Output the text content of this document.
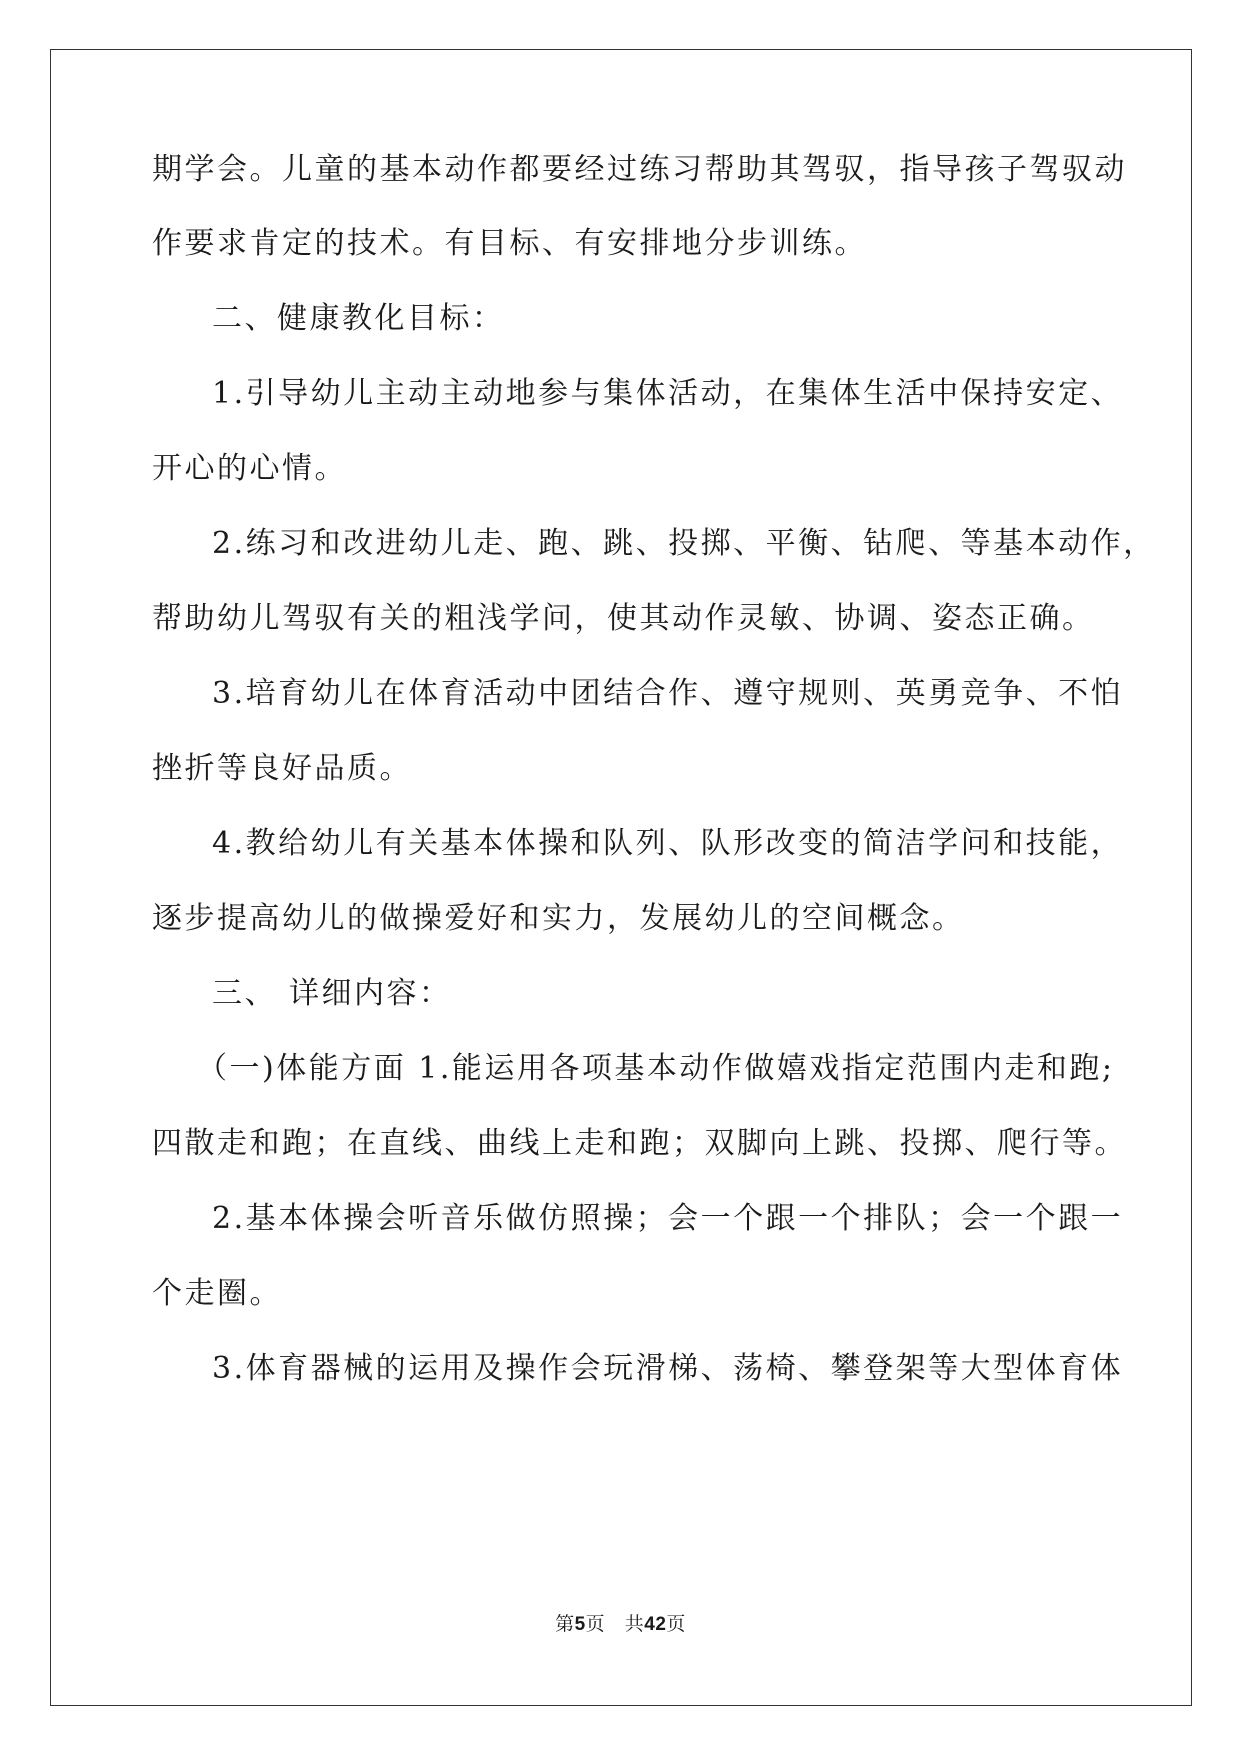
期学会。儿童的基本动作都要经过练习帮助其驾驭，指导孩子驾驭动
作要求肯定的技术。有目标、有安排地分步训练。
二、健康教化目标：
1.引导幼儿主动主动地参与集体活动，在集体生活中保持安定、
开心的心情。
2.练习和改进幼儿走、跑、跳、投掷、平衡、钻爬、等基本动作，
帮助幼儿驾驭有关的粗浅学问，使其动作灵敏、协调、姿态正确。
3.培育幼儿在体育活动中团结合作、遵守规则、英勇竞争、不怕
挫折等良好品质。
4.教给幼儿有关基本体操和队列、队形改变的简洁学问和技能，
逐步提高幼儿的做操爱好和实力，发展幼儿的空间概念。
三、 详细内容：
（一)体能方面 1.能运用各项基本动作做嬉戏指定范围内走和跑;
四散走和跑；在直线、曲线上走和跑；双脚向上跳、投掷、爬行等。
2.基本体操会听音乐做仿照操；会一个跟一个排队；会一个跟一
个走圈。
3.体育器械的运用及操作会玩滑梯、荡椅、攀登架等大型体育体
第5页   共42页
